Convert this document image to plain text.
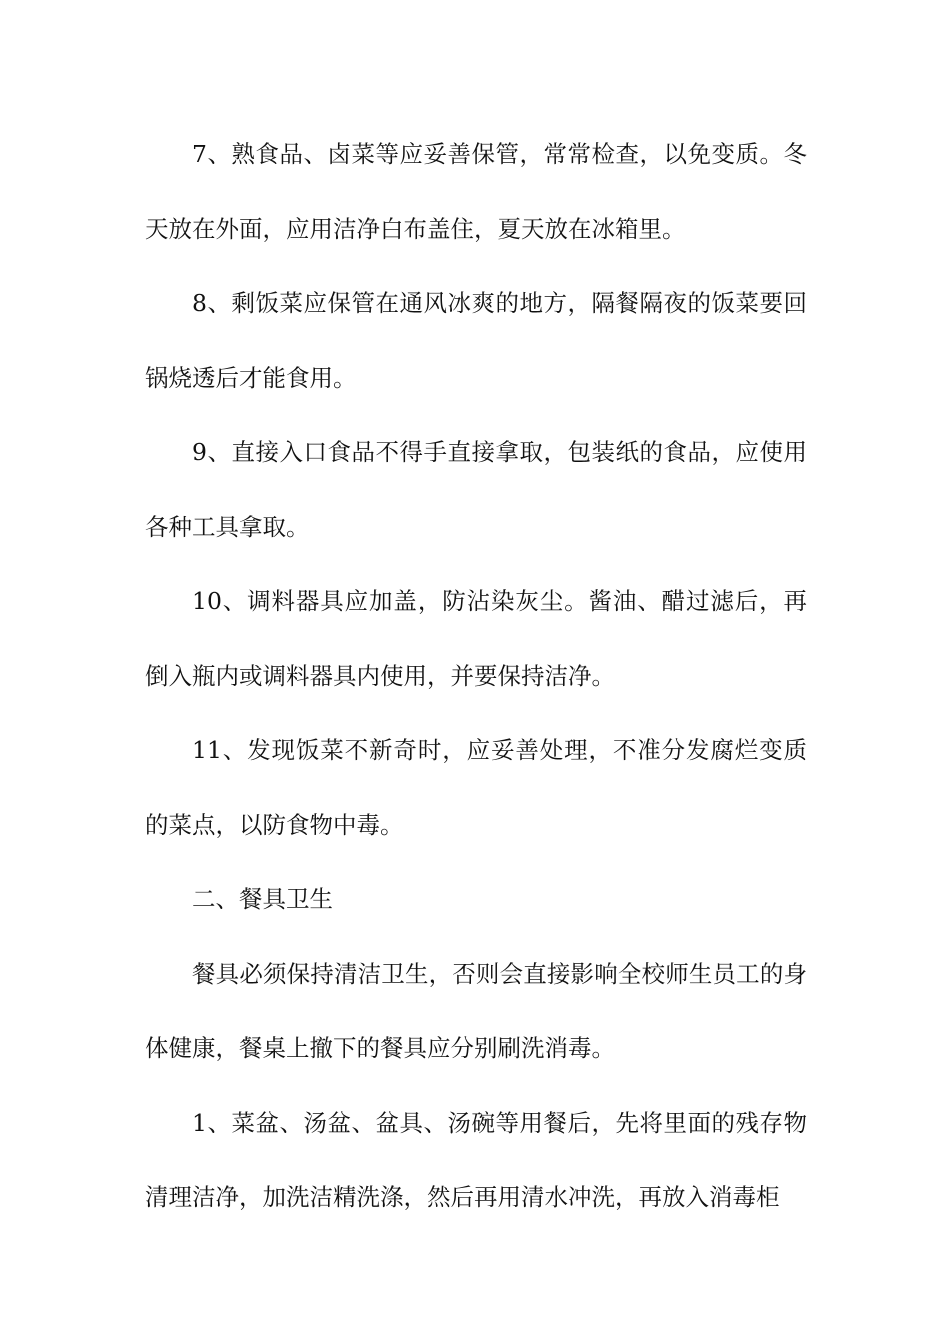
7、熟食品、卤菜等应妥善保管，常常检查，以免变质。冬天放在外面，应用洁净白布盖住，夏天放在冰箱里。

8、剩饭菜应保管在通风冰爽的地方，隔餐隔夜的饭菜要回锅烧透后才能食用。

9、直接入口食品不得手直接拿取，包装纸的食品，应使用各种工具拿取。

10、调料器具应加盖，防沾染灰尘。酱油、醋过滤后，再倒入瓶内或调料器具内使用，并要保持洁净。

11、发现饭菜不新奇时，应妥善处理，不准分发腐烂变质的菜点，以防食物中毒。

二、餐具卫生

餐具必须保持清洁卫生，否则会直接影响全校师生员工的身体健康，餐桌上撤下的餐具应分别刷洗消毒。

1、菜盆、汤盆、盆具、汤碗等用餐后，先将里面的残存物清理洁净，加洗洁精洗涤，然后再用清水冲洗，再放入消毒柜
